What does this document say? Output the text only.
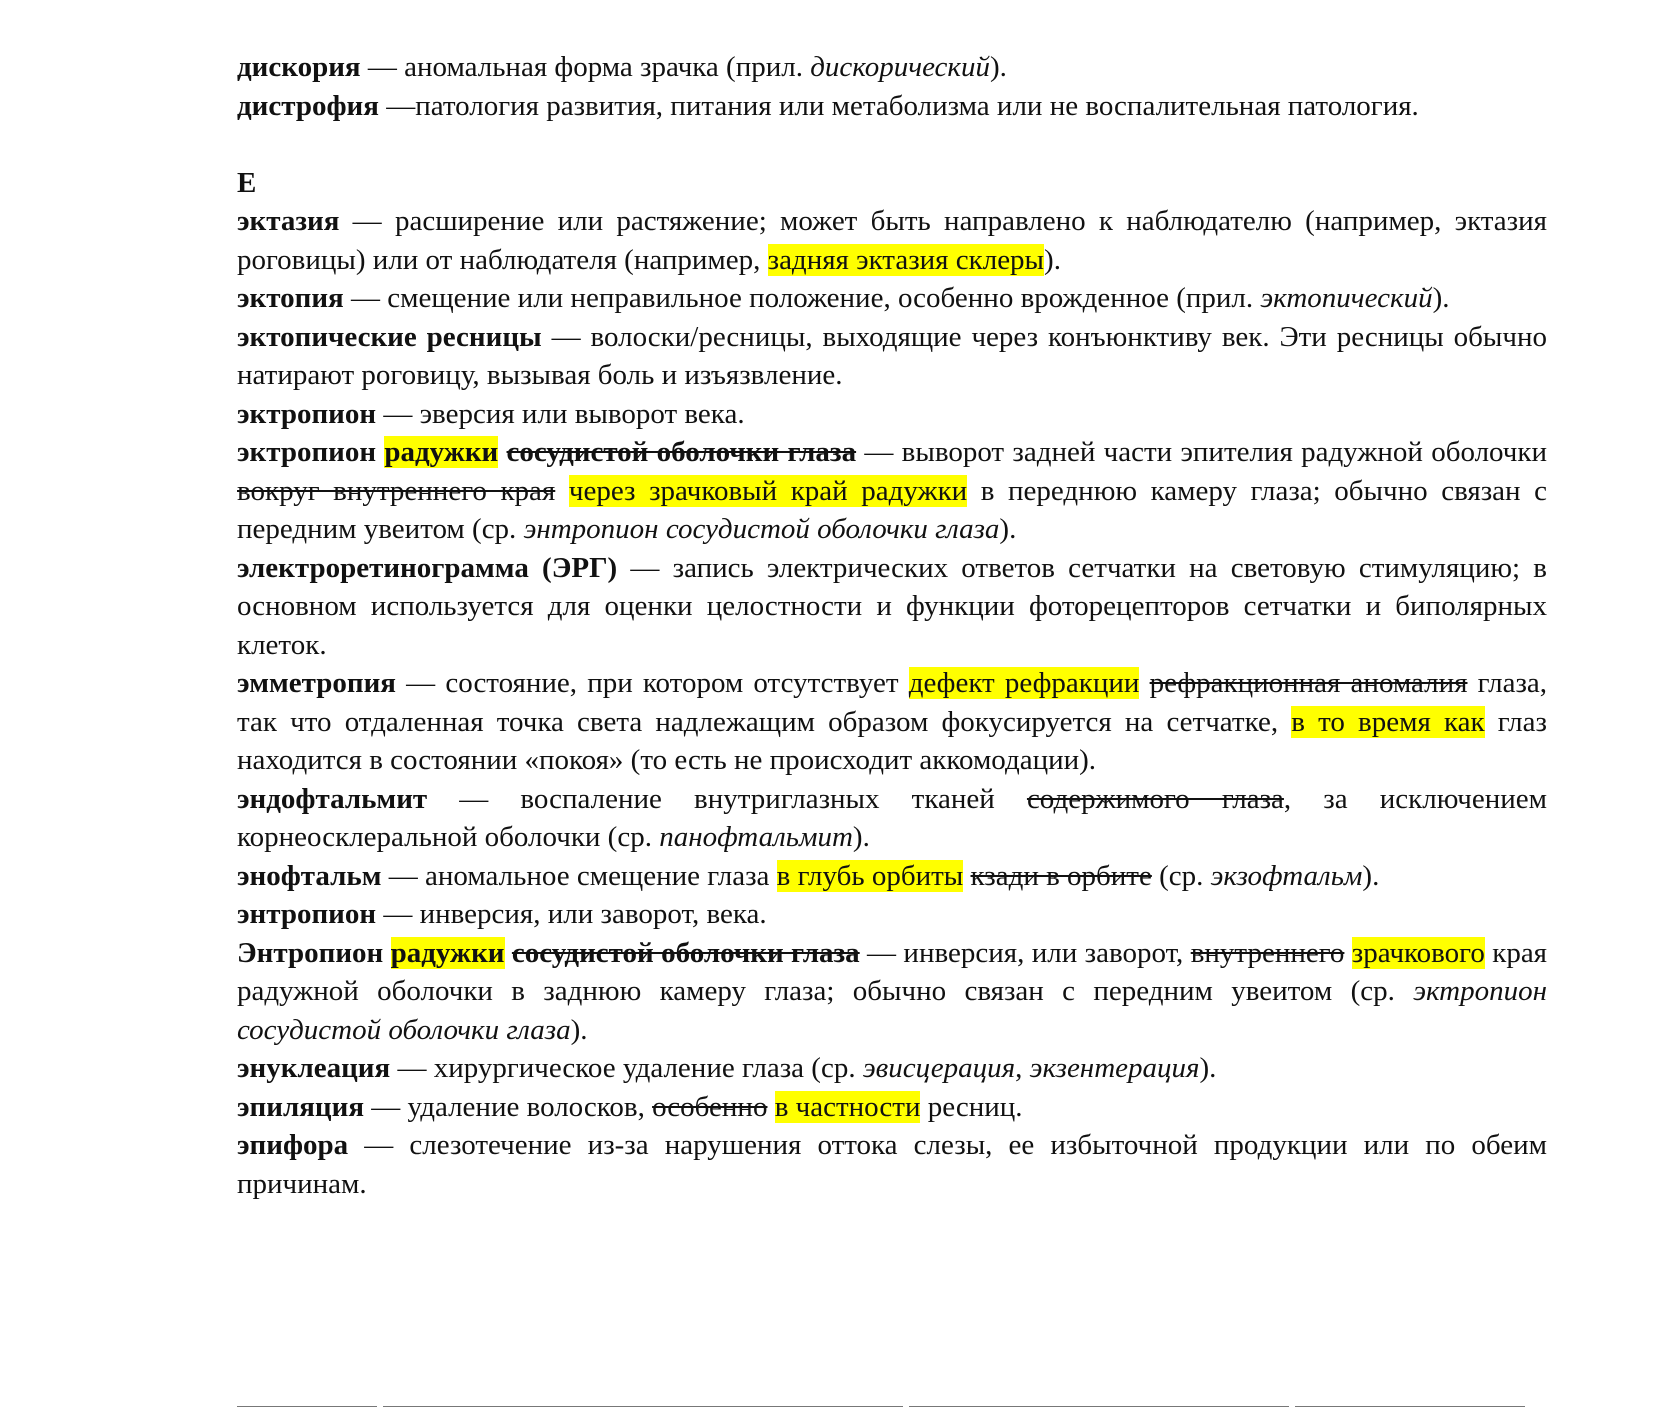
дискория — аномальная форма зрачка (прил. дискорический).

дистрофия —патология развития, питания или метаболизма или не воспалительная патология.

Е

эктазия — расширение или растяжение; может быть направлено к наблюдателю (например, эктазия роговицы) или от наблюдателя (например, задняя эктазия склеры).

эктопия — смещение или неправильное положение, особенно врожденное (прил. эктопический).

эктопические ресницы — волоски/ресницы, выходящие через конъюнктиву век. Эти ресницы обычно натирают роговицу, вызывая боль и изъязвление.

эктропион — эверсия или выворот века.

эктропион радужки сосудистой оболочки глаза — выворот задней части эпителия радужной оболочки вокруг внутреннего края через зрачковый край радужки в переднюю камеру глаза; обычно связан с передним увеитом (ср. энтропион сосудистой оболочки глаза).

электроретинограмма (ЭРГ) — запись электрических ответов сетчатки на световую стимуляцию; в основном используется для оценки целостности и функции фоторецепторов сетчатки и биполярных клеток.

эмметропия — состояние, при котором отсутствует дефект рефракции рефракционная аномалия глаза, так что отдаленная точка света надлежащим образом фокусируется на сетчатке, в то время как глаз находится в состоянии «покоя» (то есть не происходит аккомодации).

эндофтальмит — воспаление внутриглазных тканей содержимого глаза, за исключением корнеосклеральной оболочки (ср. панофтальмит).

энофтальм — аномальное смещение глаза в глубь орбиты кзади в орбите (ср. экзофтальм).

энтропион — инверсия, или заворот, века.

Энтропион радужки сосудистой оболочки глаза — инверсия, или заворот, внутреннего зрачкового края радужной оболочки в заднюю камеру глаза; обычно связан с передним увеитом (ср. эктропион сосудистой оболочки глаза).

энуклеация — хирургическое удаление глаза (ср. эвисцерация, экзентерация).

эпиляция — удаление волосков, особенно в частности ресниц.

эпифора — слезотечение из-за нарушения оттока слезы, ее избыточной продукции или по обеим причинам.
